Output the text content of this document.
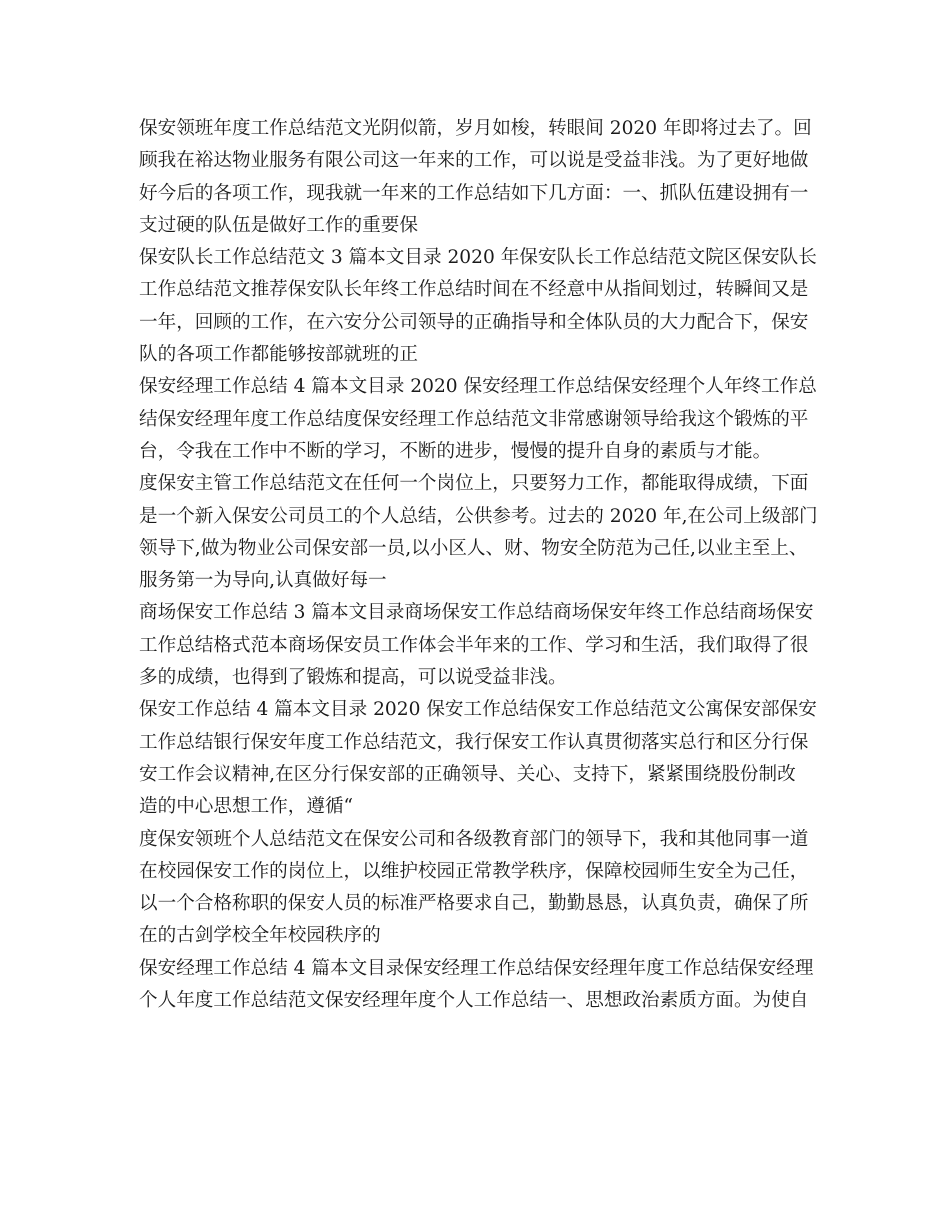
保安领班年度工作总结范文光阴似箭，岁月如梭，转眼间 2020 年即将过去了。回
顾我在裕达物业服务有限公司这一年来的工作，可以说是受益非浅。为了更好地做
好今后的各项工作，现我就一年来的工作总结如下几方面：一、抓队伍建设拥有一
支过硬的队伍是做好工作的重要保

保安队长工作总结范文 3 篇本文目录 2020 年保安队长工作总结范文院区保安队长
工作总结范文推荐保安队长年终工作总结时间在不经意中从指间划过，转瞬间又是
一年，回顾的工作，在六安分公司领导的正确指导和全体队员的大力配合下，保安
队的各项工作都能够按部就班的正

保安经理工作总结 4 篇本文目录 2020 保安经理工作总结保安经理个人年终工作总
结保安经理年度工作总结度保安经理工作总结范文非常感谢领导给我这个锻炼的平
台，令我在工作中不断的学习，不断的进步，慢慢的提升自身的素质与才能。

度保安主管工作总结范文在任何一个岗位上，只要努力工作，都能取得成绩，下面
是一个新入保安公司员工的个人总结，公供参考。过去的 2020 年,在公司上级部门
领导下,做为物业公司保安部一员,以小区人、财、物安全防范为己任,以业主至上、
服务第一为导向,认真做好每一

商场保安工作总结 3 篇本文目录商场保安工作总结商场保安年终工作总结商场保安
工作总结格式范本商场保安员工作体会半年来的工作、学习和生活，我们取得了很
多的成绩，也得到了锻炼和提高，可以说受益非浅。

保安工作总结 4 篇本文目录 2020 保安工作总结保安工作总结范文公寓保安部保安
工作总结银行保安年度工作总结范文，我行保安工作认真贯彻落实总行和区分行保
安工作会议精神,在区分行保安部的正确领导、关心、支持下，紧紧围绕股份制改
造的中心思想工作，遵循“

度保安领班个人总结范文在保安公司和各级教育部门的领导下，我和其他同事一道
在校园保安工作的岗位上，以维护校园正常教学秩序，保障校园师生安全为己任，
以一个合格称职的保安人员的标准严格要求自己，勤勤恳恳，认真负责，确保了所
在的古剑学校全年校园秩序的

保安经理工作总结 4 篇本文目录保安经理工作总结保安经理年度工作总结保安经理
个人年度工作总结范文保安经理年度个人工作总结一、思想政治素质方面。为使自
